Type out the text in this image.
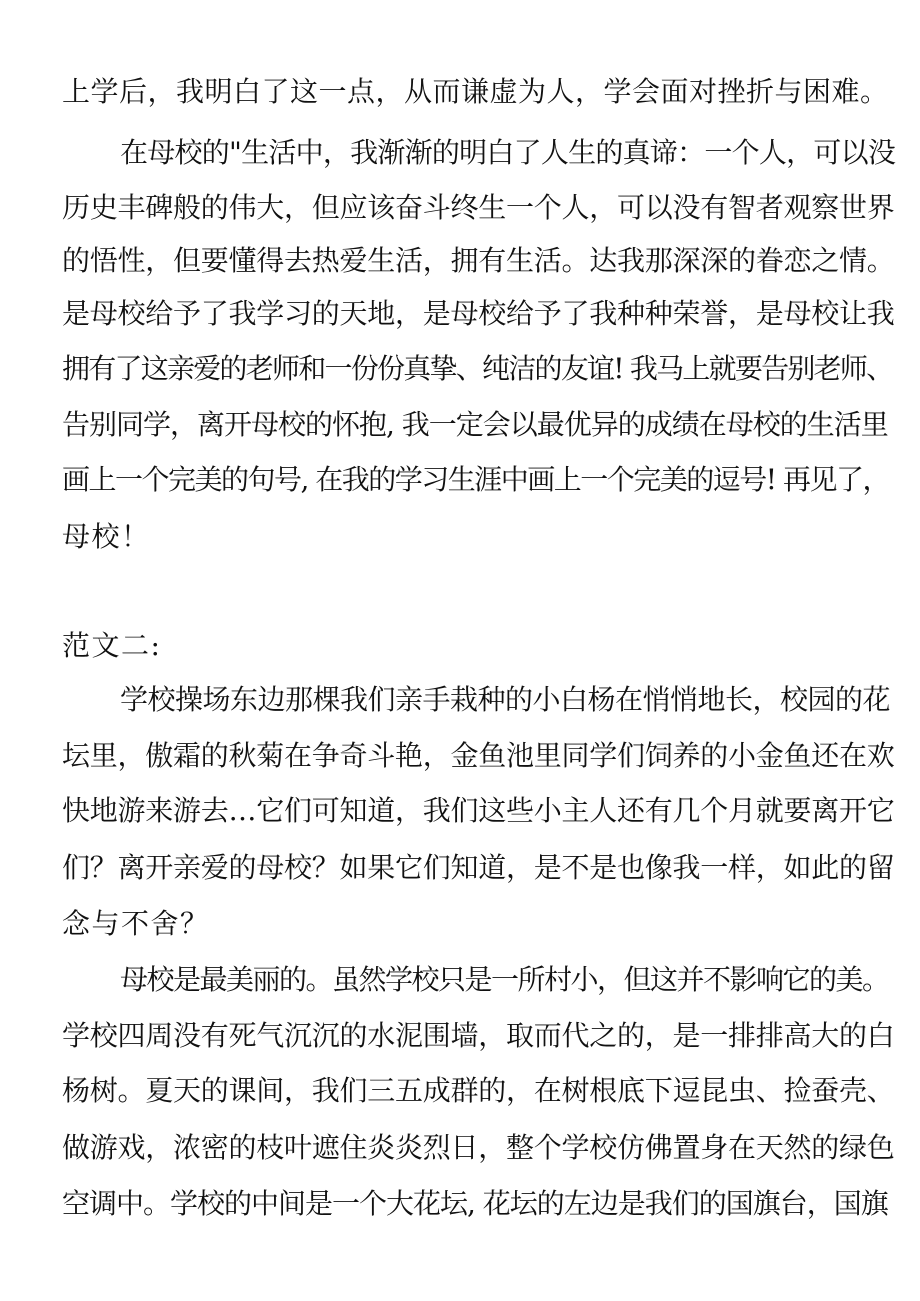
上学后，我明白了这一点，从而谦虚为人，学会面对挫折与困难。

在母校的"生活中，我渐渐的明白了人生的真谛：一个人，可以没

历史丰碑般的伟大，但应该奋斗终生一个人，可以没有智者观察世界

的悟性，但要懂得去热爱生活，拥有生活。达我那深深的眷恋之情。

是母校给予了我学习的天地，是母校给予了我种种荣誉，是母校让我

拥有了这亲爱的老师和一份份真挚、纯洁的友谊! 我马上就要告别老师、

告别同学，离开母校的怀抱, 我一定会以最优异的成绩在母校的生活里

画上一个完美的句号, 在我的学习生涯中画上一个完美的逗号! 再见了，

母校！

范文二:

学校操场东边那棵我们亲手栽种的小白杨在悄悄地长，校园的花

坛里，傲霜的秋菊在争奇斗艳，金鱼池里同学们饲养的小金鱼还在欢

快地游来游去…它们可知道，我们这些小主人还有几个月就要离开它

们？离开亲爱的母校？如果它们知道，是不是也像我一样，如此的留

念与不舍？

母校是最美丽的。虽然学校只是一所村小，但这并不影响它的美。

学校四周没有死气沉沉的水泥围墙，取而代之的，是一排排高大的白

杨树。夏天的课间，我们三五成群的，在树根底下逗昆虫、捡蚕壳、

做游戏，浓密的枝叶遮住炎炎烈日，整个学校仿佛置身在天然的绿色

空调中。学校的中间是一个大花坛, 花坛的左边是我们的国旗台，国旗
